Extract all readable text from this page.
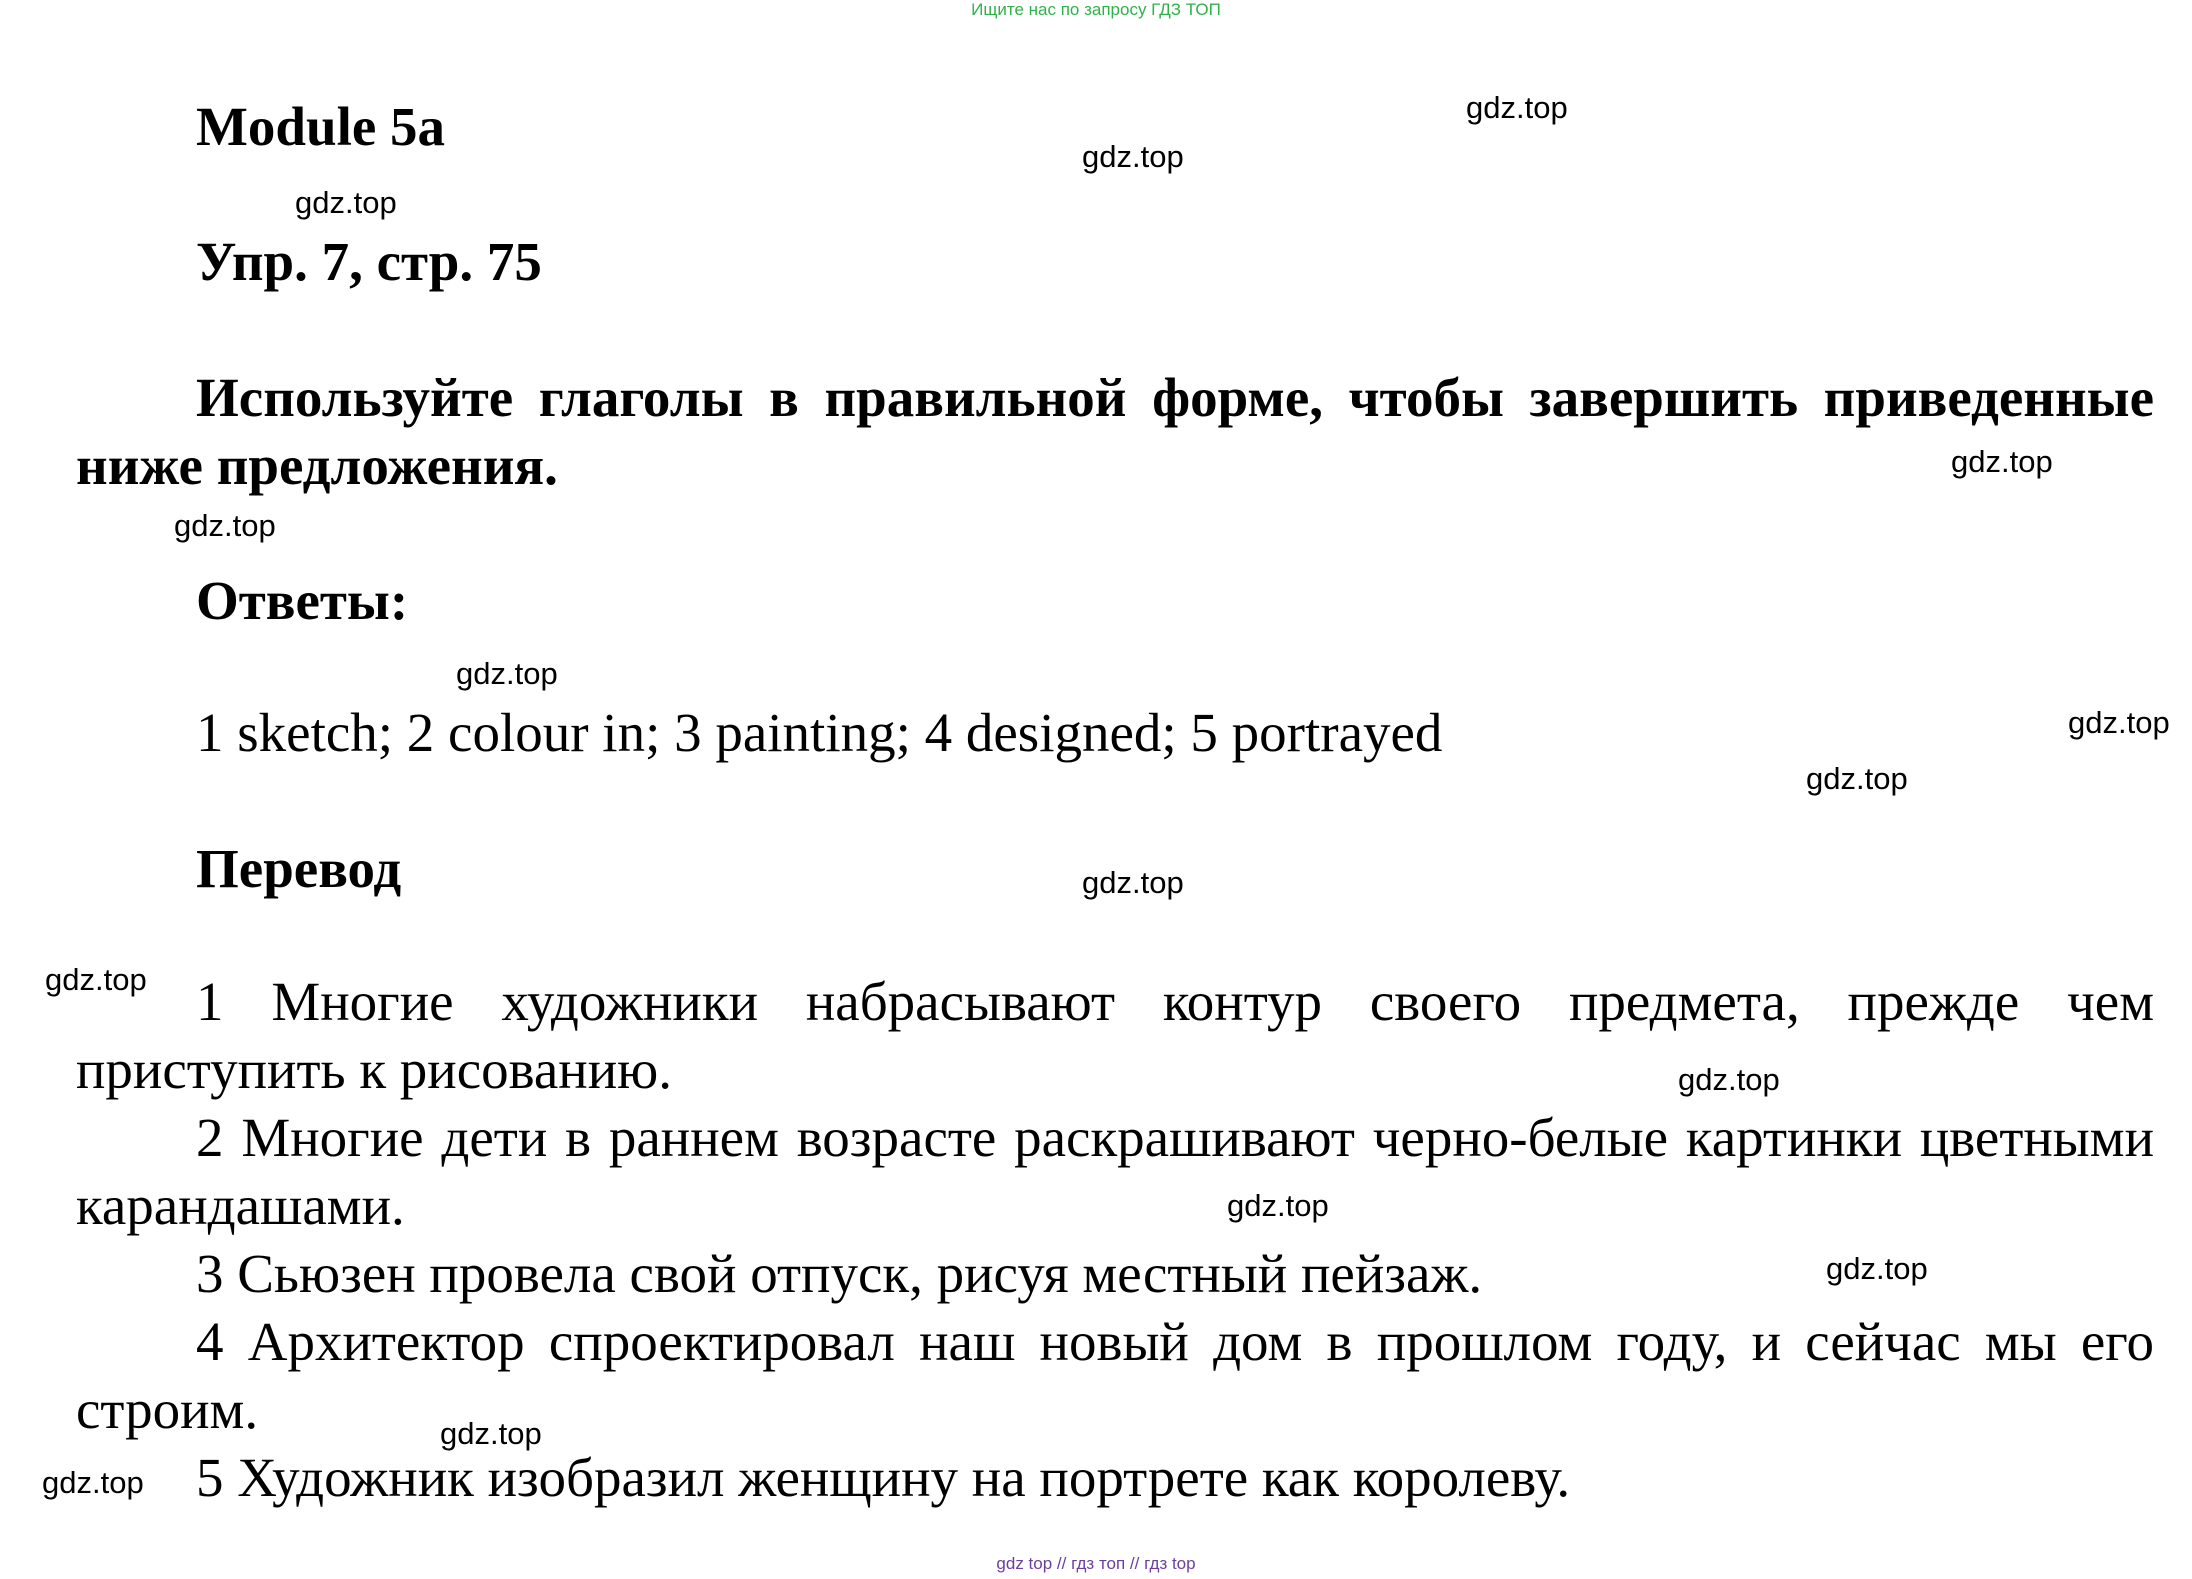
Ищите нас по запросу ГДЗ ТОП
Module 5a
Упр. 7, стр. 75
Используйте глаголы в правильной форме, чтобы завершить приведенные ниже предложения.
Ответы:
1 sketch; 2 colour in; 3 painting; 4 designed; 5 portrayed
Перевод

1 Многие художники набрасывают контур своего предмета, прежде чем приступить к рисованию.

2 Многие дети в раннем возрасте раскрашивают черно-белые картинки цветными карандашами.

3 Сьюзен провела свой отпуск, рисуя местный пейзаж.

4 Архитектор спроектировал наш новый дом в прошлом году, и сейчас мы его строим.

5 Художник изобразил женщину на портрете как королеву.

gdz.top
gdz.top
gdz.top
gdz.top
gdz.top
gdz.top
gdz.top
gdz.top
gdz.top
gdz.top
gdz.top
gdz.top
gdz.top
gdz.top
gdz.top
gdz top // гдз топ // гдз top
